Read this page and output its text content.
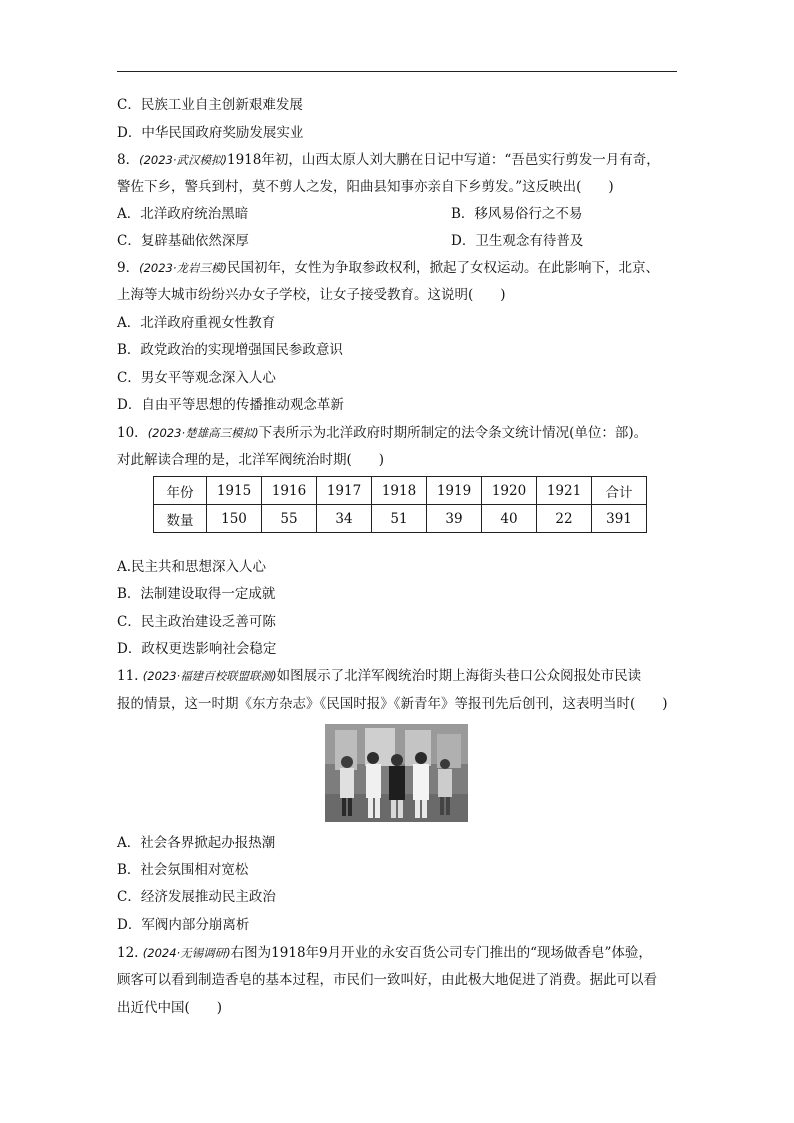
C．民族工业自主创新艰难发展
D．中华民国政府奖励发展实业
8．(2023·武汉模拟)1918年初，山西太原人刘大鹏在日记中写道：“吾邑实行剪发一月有奇，
警佐下乡，警兵到村，莫不剪人之发，阳曲县知事亦亲自下乡剪发。”这反映出(　　)
A．北洋政府统治黑暗	B．移风易俗行之不易
C．复辟基础依然深厚	D．卫生观念有待普及
9．(2023·龙岩三模)民国初年，女性为争取参政权利，掀起了女权运动。在此影响下，北京、
上海等大城市纷纷兴办女子学校，让女子接受教育。这说明(　　)
A．北洋政府重视女性教育
B．政党政治的实现增强国民参政意识
C．男女平等观念深入人心
D．自由平等思想的传播推动观念革新
10．(2023·楚雄高三模拟)下表所示为北洋政府时期所制定的法令条文统计情况(单位：部)。
对此解读合理的是，北洋军阀统治时期(　　)
年份	1915	1916	1917	1918	1919	1920	1921	合计
数量	150	55	34	51	39	40	22	391
A.民主共和思想深入人心
B．法制建设取得一定成就
C．民主政治建设乏善可陈
D．政权更迭影响社会稳定
11. (2023·福建百校联盟联测)如图展示了北洋军阀统治时期上海街头巷口公众阅报处市民读
报的情景，这一时期《东方杂志》《民国时报》《新青年》等报刊先后创刊，这表明当时(　　)
A．社会各界掀起办报热潮
B．社会氛围相对宽松
C．经济发展推动民主政治
D．军阀内部分崩离析
12. (2024·无锡调研)右图为1918年9月开业的永安百货公司专门推出的“现场做香皂”体验，
顾客可以看到制造香皂的基本过程，市民们一致叫好，由此极大地促进了消费。据此可以看
出近代中国(　　)
